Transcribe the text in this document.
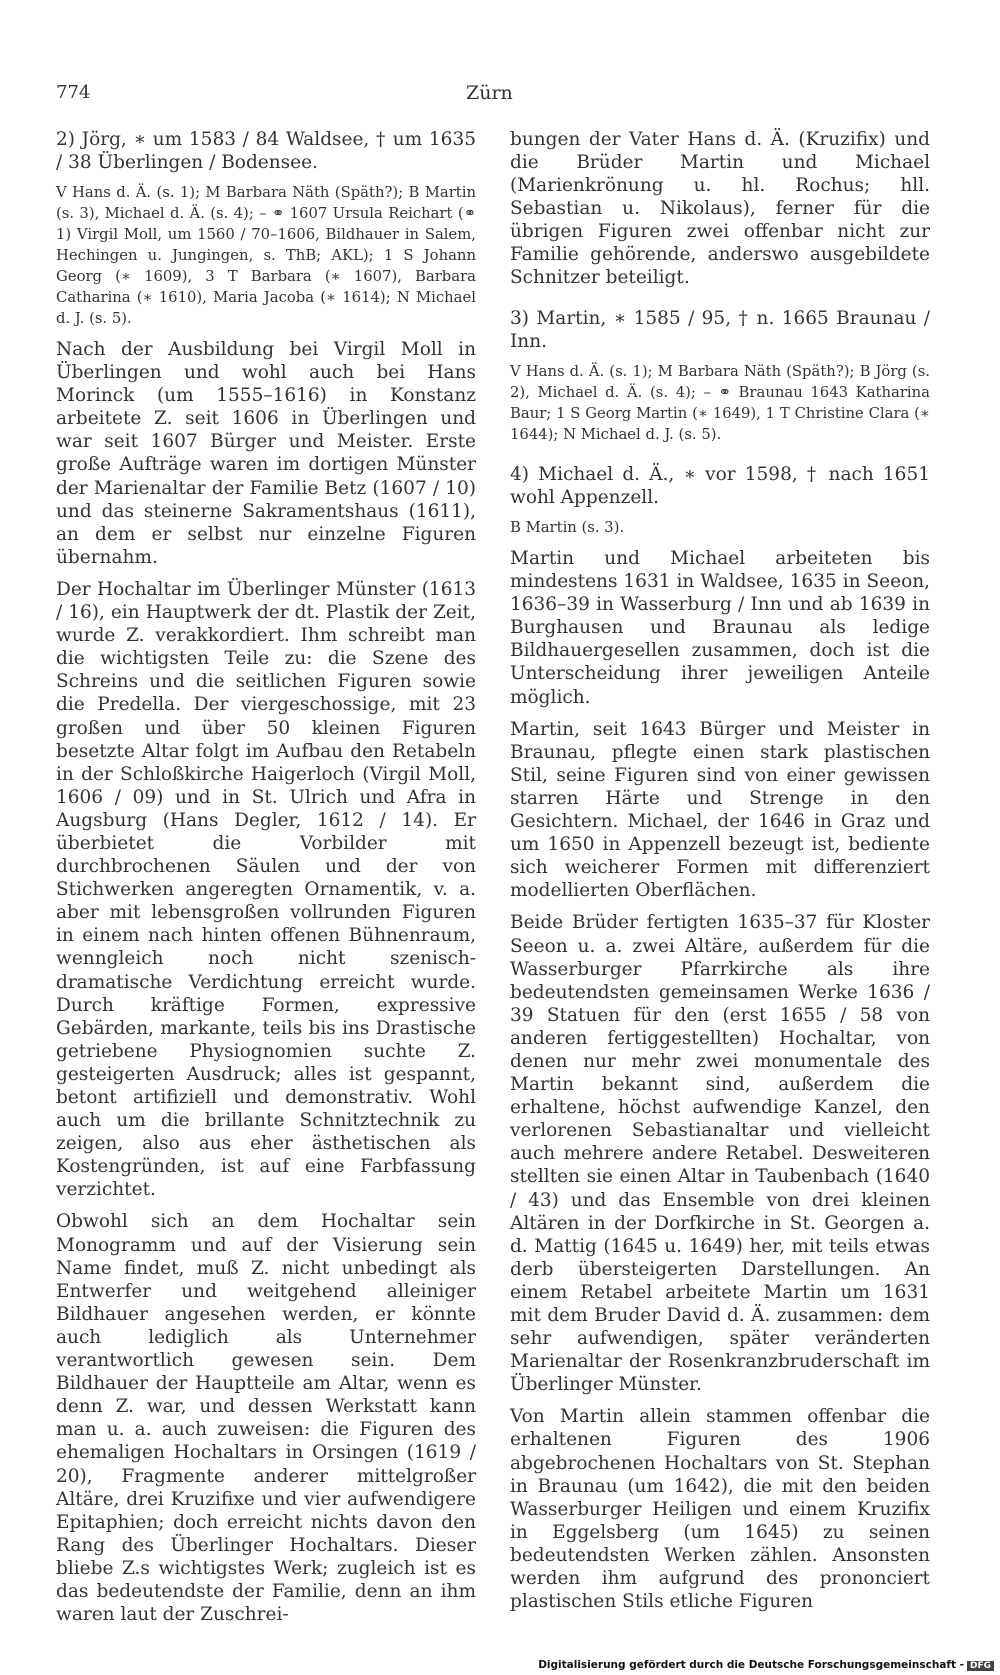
774	Zürn

2) Jörg, ∗ um 1583 / 84 Waldsee, † um 1635 / 38 Überlingen / Bodensee.

V Hans d. Ä. (s. 1); M Barbara Näth (Späth?); B Martin (s. 3), Michael d. Ä. (s. 4); – ⚭ 1607 Ursula Reichart (⚭ 1) Virgil Moll, um 1560 / 70–1606, Bildhauer in Salem, Hechingen u. Jungingen, s. ThB; AKL); 1 S Johann Georg (∗ 1609), 3 T Barbara (∗ 1607), Barbara Catharina (∗ 1610), Maria Jacoba (∗ 1614); N Michael d. J. (s. 5).

Nach der Ausbildung bei Virgil Moll in Überlingen und wohl auch bei Hans Morinck (um 1555–1616) in Konstanz arbeitete Z. seit 1606 in Überlingen und war seit 1607 Bürger und Meister. Erste große Aufträge waren im dortigen Münster der Marienaltar der Familie Betz (1607 / 10) und das steinerne Sakramentshaus (1611), an dem er selbst nur einzelne Figuren übernahm.

Der Hochaltar im Überlinger Münster (1613 / 16), ein Hauptwerk der dt. Plastik der Zeit, wurde Z. verakkordiert. Ihm schreibt man die wichtigsten Teile zu: die Szene des Schreins und die seitlichen Figuren sowie die Predella. Der viergeschossige, mit 23 großen und über 50 kleinen Figuren besetzte Altar folgt im Aufbau den Retabeln in der Schloßkirche Haigerloch (Virgil Moll, 1606 / 09) und in St. Ulrich und Afra in Augsburg (Hans Degler, 1612 / 14). Er überbietet die Vorbilder mit durchbrochenen Säulen und der von Stichwerken angeregten Ornamentik, v. a. aber mit lebensgroßen vollrunden Figuren in einem nach hinten offenen Bühnenraum, wenngleich noch nicht szenisch-dramatische Verdichtung erreicht wurde. Durch kräftige Formen, expressive Gebärden, markante, teils bis ins Drastische getriebene Physiognomien suchte Z. gesteigerten Ausdruck; alles ist gespannt, betont artifiziell und demonstrativ. Wohl auch um die brillante Schnitztechnik zu zeigen, also aus eher ästhetischen als Kostengründen, ist auf eine Farbfassung verzichtet.

Obwohl sich an dem Hochaltar sein Monogramm und auf der Visierung sein Name findet, muß Z. nicht unbedingt als Entwerfer und weitgehend alleiniger Bildhauer angesehen werden, er könnte auch lediglich als Unternehmer verantwortlich gewesen sein. Dem Bildhauer der Hauptteile am Altar, wenn es denn Z. war, und dessen Werkstatt kann man u. a. auch zuweisen: die Figuren des ehemaligen Hochaltars in Orsingen (1619 / 20), Fragmente anderer mittelgroßer Altäre, drei Kruzifixe und vier aufwendigere Epitaphien; doch erreicht nichts davon den Rang des Überlinger Hochaltars. Dieser bliebe Z.s wichtigstes Werk; zugleich ist es das bedeutendste der Familie, denn an ihm waren laut der Zuschrei-

bungen der Vater Hans d. Ä. (Kruzifix) und die Brüder Martin und Michael (Marienkrönung u. hl. Rochus; hll. Sebastian u. Nikolaus), ferner für die übrigen Figuren zwei offenbar nicht zur Familie gehörende, anderswo ausgebildete Schnitzer beteiligt.

3) Martin, ∗ 1585 / 95, † n. 1665 Braunau / Inn.

V Hans d. Ä. (s. 1); M Barbara Näth (Späth?); B Jörg (s. 2), Michael d. Ä. (s. 4); – ⚭ Braunau 1643 Katharina Baur; 1 S Georg Martin (∗ 1649), 1 T Christine Clara (∗ 1644); N Michael d. J. (s. 5).

4) Michael d. Ä., ∗ vor 1598, † nach 1651 wohl Appenzell.

B Martin (s. 3).

Martin und Michael arbeiteten bis mindestens 1631 in Waldsee, 1635 in Seeon, 1636–39 in Wasserburg / Inn und ab 1639 in Burghausen und Braunau als ledige Bildhauergesellen zusammen, doch ist die Unterscheidung ihrer jeweiligen Anteile möglich.

Martin, seit 1643 Bürger und Meister in Braunau, pflegte einen stark plastischen Stil, seine Figuren sind von einer gewissen starren Härte und Strenge in den Gesichtern. Michael, der 1646 in Graz und um 1650 in Appenzell bezeugt ist, bediente sich weicherer Formen mit differenziert modellierten Oberflächen.

Beide Brüder fertigten 1635–37 für Kloster Seeon u. a. zwei Altäre, außerdem für die Wasserburger Pfarrkirche als ihre bedeutendsten gemeinsamen Werke 1636 / 39 Statuen für den (erst 1655 / 58 von anderen fertiggestellten) Hochaltar, von denen nur mehr zwei monumentale des Martin bekannt sind, außerdem die erhaltene, höchst aufwendige Kanzel, den verlorenen Sebastianaltar und vielleicht auch mehrere andere Retabel. Desweiteren stellten sie einen Altar in Taubenbach (1640 / 43) und das Ensemble von drei kleinen Altären in der Dorfkirche in St. Georgen a. d. Mattig (1645 u. 1649) her, mit teils etwas derb übersteigerten Darstellungen. An einem Retabel arbeitete Martin um 1631 mit dem Bruder David d. Ä. zusammen: dem sehr aufwendigen, später veränderten Marienaltar der Rosenkranzbruderschaft im Überlinger Münster.

Von Martin allein stammen offenbar die erhaltenen Figuren des 1906 abgebrochenen Hochaltars von St. Stephan in Braunau (um 1642), die mit den beiden Wasserburger Heiligen und einem Kruzifix in Eggelsberg (um 1645) zu seinen bedeutendsten Werken zählen. Ansonsten werden ihm aufgrund des prononciert plastischen Stils etliche Figuren

Digitalisierung gefördert durch die Deutsche Forschungsgemeinschaft - DFG
